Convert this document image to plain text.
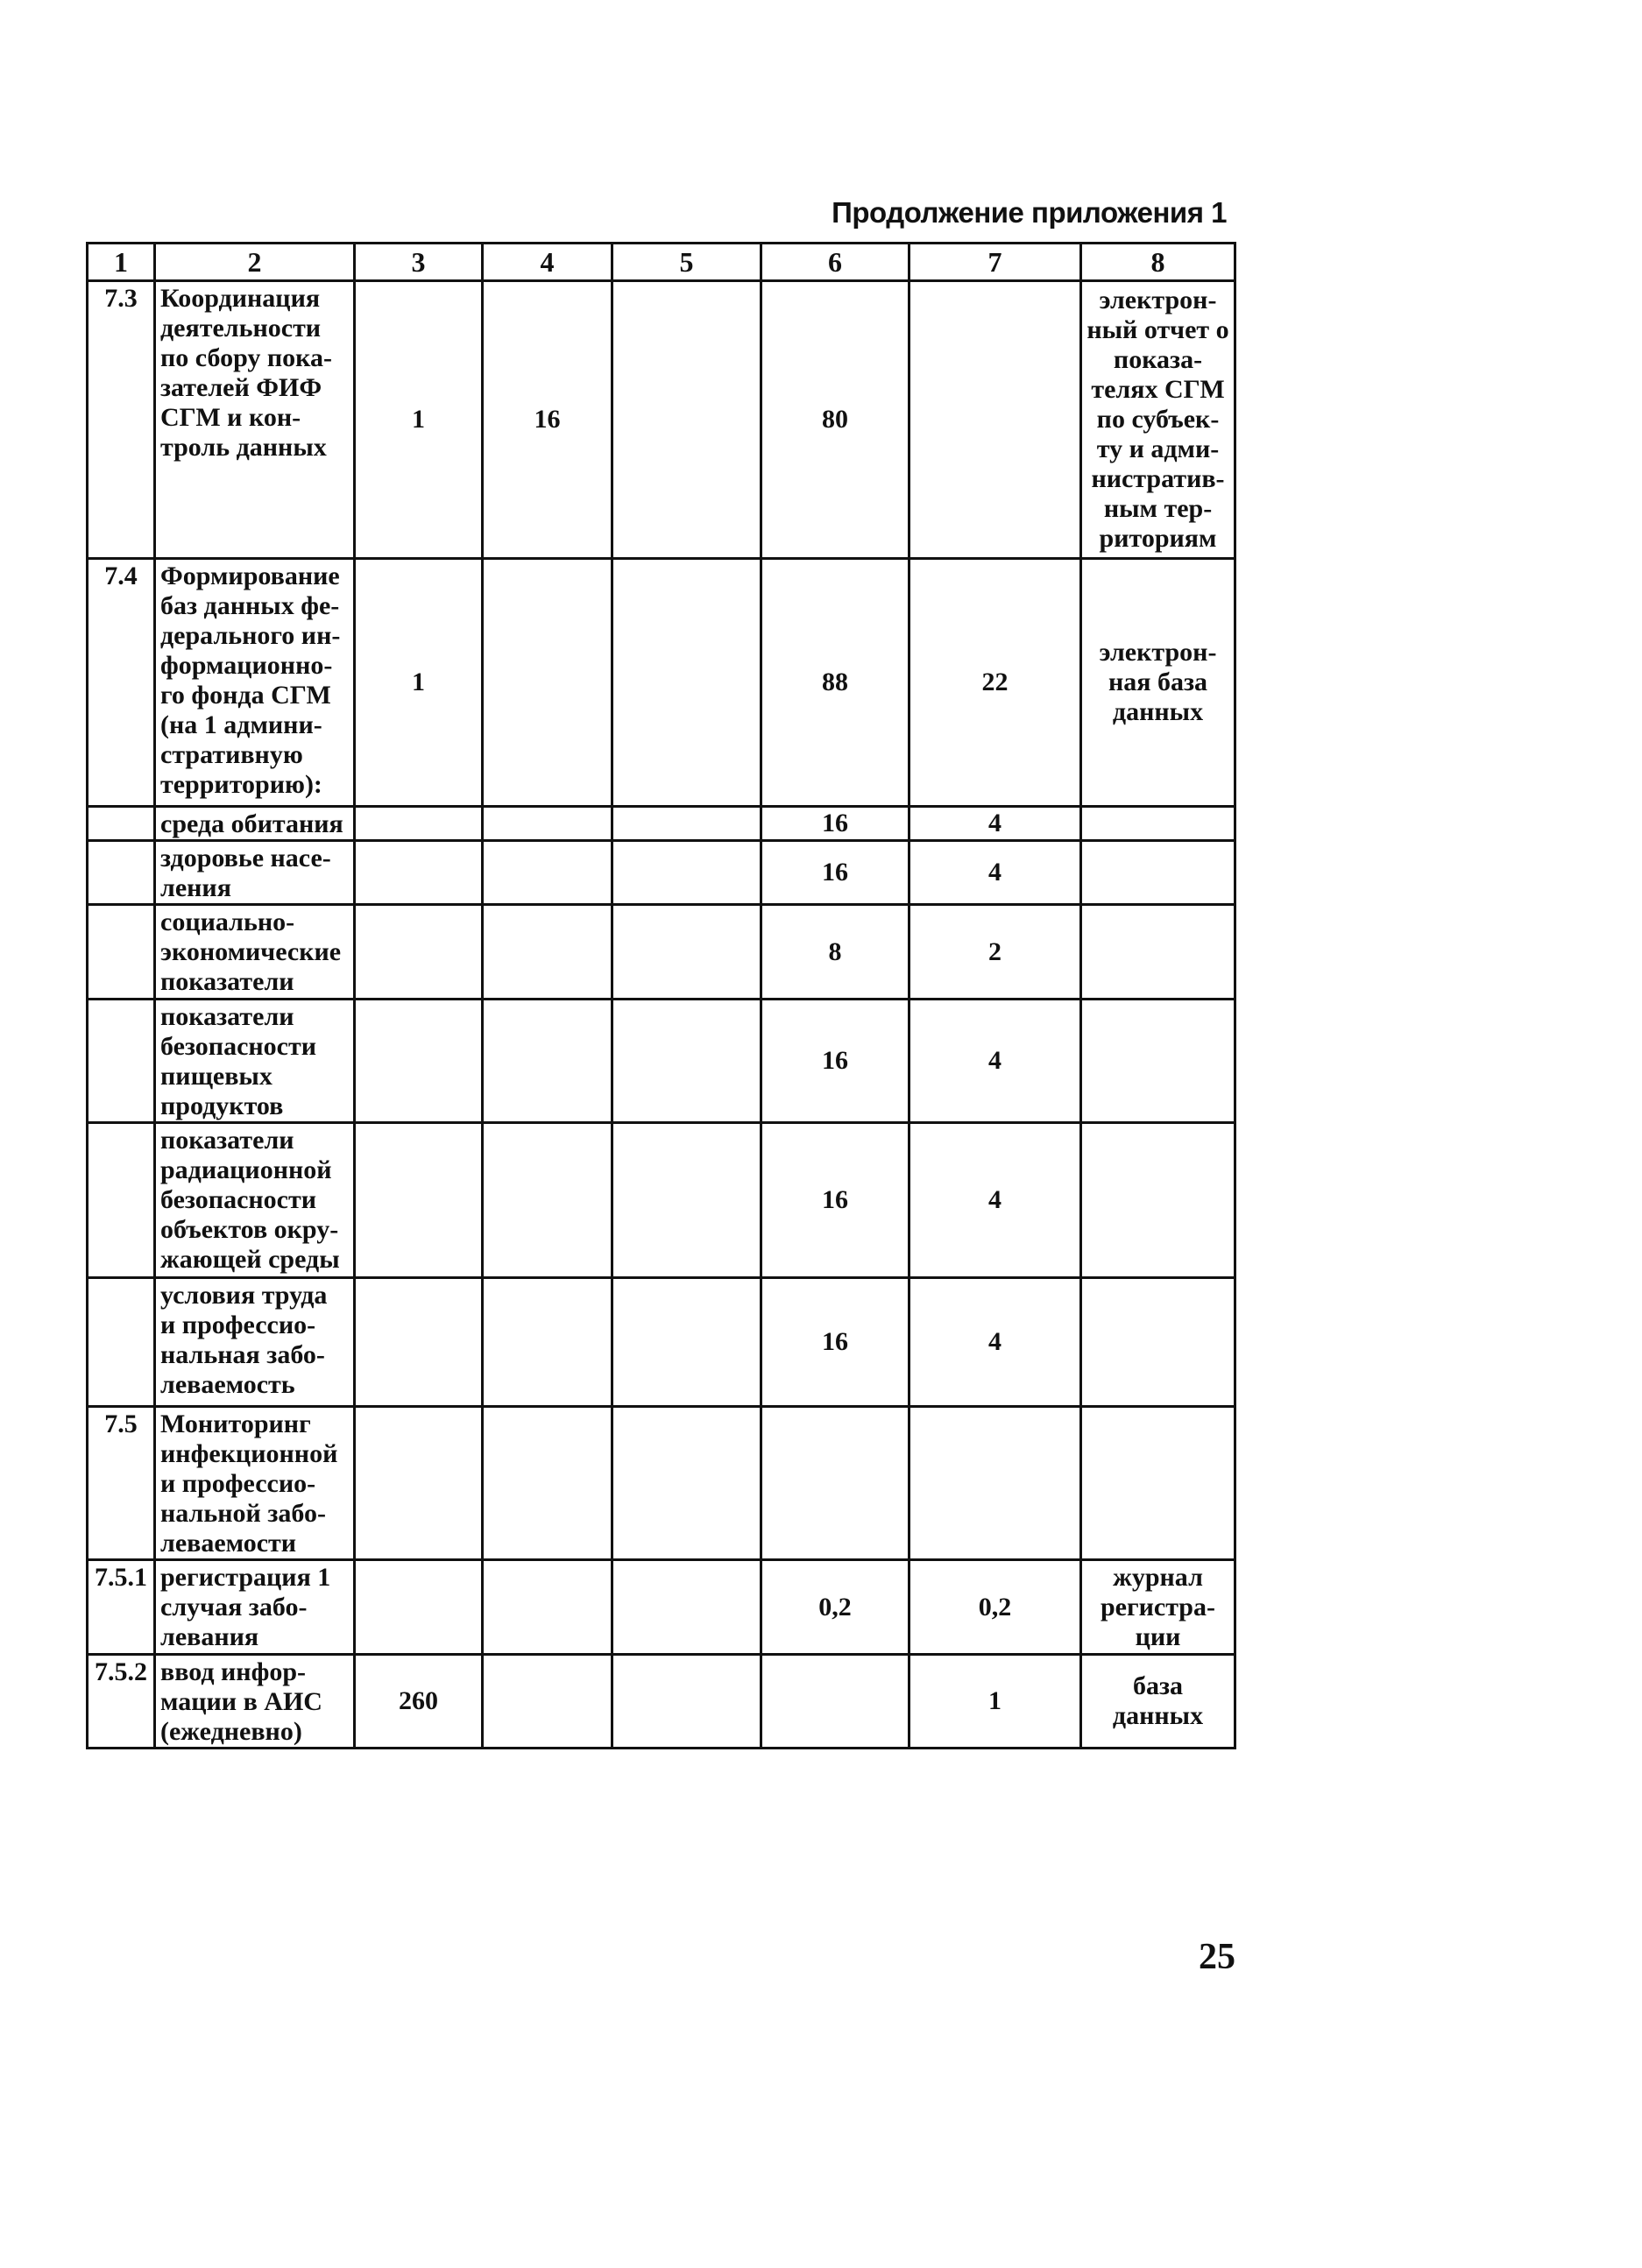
Продолжение приложения 1
1	2	3	4	5	6	7	8
7.3	Координация деятельности по сбору пока-зателей ФИФ СГМ и кон-троль данных	1	16		80		электрон-ный отчет о показа-телях СГМ по субъек-ту и адми-нистратив-ным тер-риториям
7.4	Формирование баз данных фе-дерального ин-формационно-го фонда СГМ (на 1 админи-стративную территорию):	1			88	22	электрон-ная база данных
	среда обитания				16	4	
	здоровье насе-ления				16	4	
	социально-экономические показатели				8	2	
	показатели безопасности пищевых продуктов				16	4	
	показатели радиационной безопасности объектов окру-жающей среды				16	4	
	условия труда и профессио-нальная забо-леваемость				16	4	
7.5	Мониторинг инфекционной и профессио-нальной забо-леваемости						
7.5.1	регистрация 1 случая забо-левания				0,2	0,2	журнал регистра-ции
7.5.2	ввод инфор-мации в АИС (ежедневно)	260				1	база данных
25
